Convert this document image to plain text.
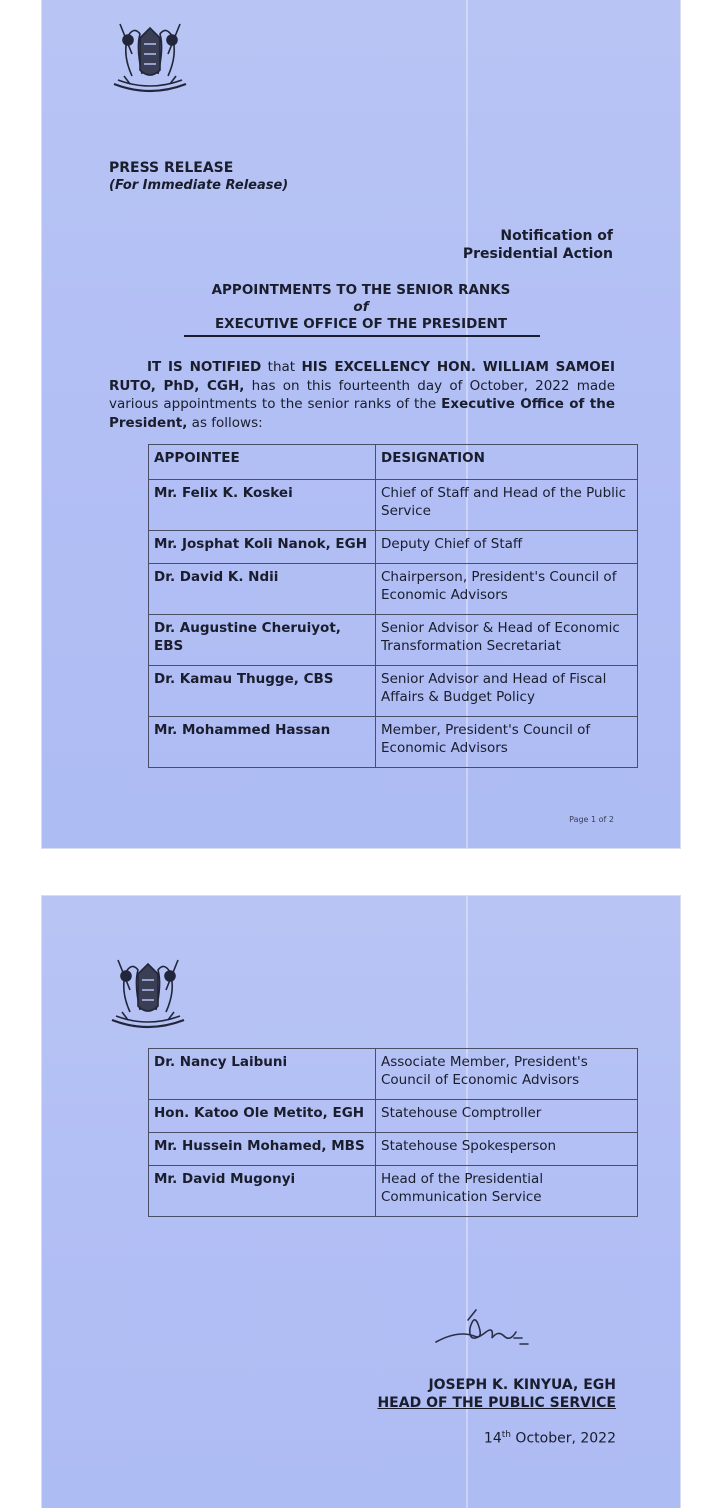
PRESS RELEASE
(For Immediate Release)
Notification of
Presidential Action
APPOINTMENTS TO THE SENIOR RANKS
of
EXECUTIVE OFFICE OF THE PRESIDENT
IT IS NOTIFIED that HIS EXCELLENCY HON. WILLIAM SAMOEI RUTO, PhD, CGH, has on this fourteenth day of October, 2022 made various appointments to the senior ranks of the Executive Office of the President, as follows:
APPOINTEE	DESIGNATION
Mr. Felix K. Koskei	Chief of Staff and Head of the Public Service
Mr. Josphat Koli Nanok, EGH	Deputy Chief of Staff
Dr. David K. Ndii	Chairperson, President's Council of Economic Advisors
Dr. Augustine Cheruiyot, EBS	Senior Advisor & Head of Economic Transformation Secretariat
Dr. Kamau Thugge, CBS	Senior Advisor and Head of Fiscal Affairs & Budget Policy
Mr. Mohammed Hassan	Member, President's Council of Economic Advisors
Page 1 of 2
Dr. Nancy Laibuni	Associate Member, President's Council of Economic Advisors
Hon. Katoo Ole Metito, EGH	Statehouse Comptroller
Mr. Hussein Mohamed, MBS	Statehouse Spokesperson
Mr. David Mugonyi	Head of the Presidential Communication Service
JOSEPH K. KINYUA, EGH
HEAD OF THE PUBLIC SERVICE
14th October, 2022
